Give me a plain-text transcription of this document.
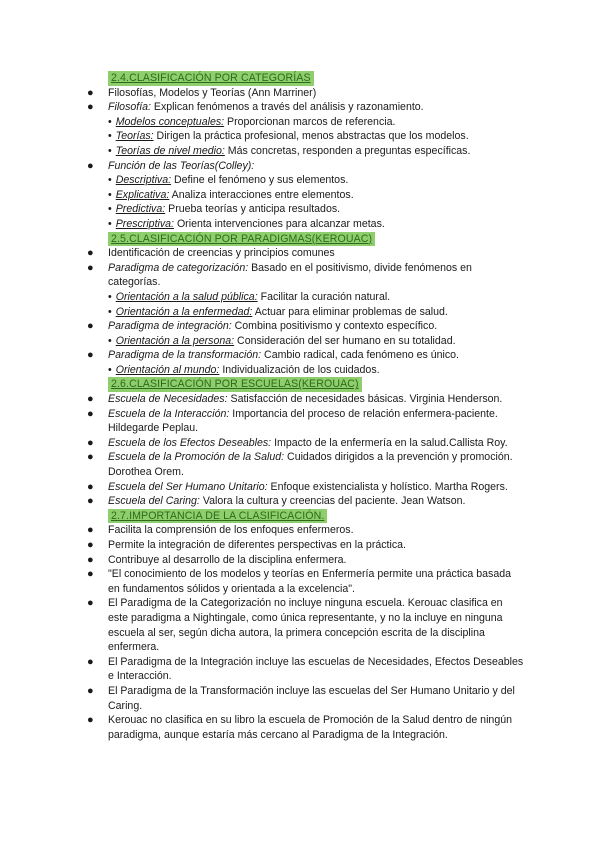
2.4.CLASIFICACIÓN POR CATEGORÍAS
● Filosofías, Modelos y Teorías (Ann Marriner)
● Filosofía: Explican fenómenos a través del análisis y razonamiento.
• Modelos conceptuales: Proporcionan marcos de referencia.
• Teorías: Dirigen la práctica profesional, menos abstractas que los modelos.
• Teorías de nivel medio: Más concretas, responden a preguntas específicas.
● Función de las Teorías(Colley):
• Descriptiva: Define el fenómeno y sus elementos.
• Explicativa: Analiza interacciones entre elementos.
• Predictiva: Prueba teorías y anticipa resultados.
• Prescriptiva: Orienta intervenciones para alcanzar metas.
2.5.CLASIFICACIÓN POR PARADIGMAS(KEROUAC)
● Identificación de creencias y principios comunes
● Paradigma de categorización: Basado en el positivismo, divide fenómenos en categorías.
• Orientación a la salud pública: Facilitar la curación natural.
• Orientación a la enfermedad: Actuar para eliminar problemas de salud.
● Paradigma de integración: Combina positivismo y contexto específico.
• Orientación a la persona: Consideración del ser humano en su totalidad.
● Paradigma de la transformación: Cambio radical, cada fenómeno es único.
• Orientación al mundo: Individualización de los cuidados.
2.6.CLASIFICACIÓN POR ESCUELAS(KEROUAC)
● Escuela de Necesidades: Satisfacción de necesidades básicas. Virginia Henderson.
● Escuela de la Interacción: Importancia del proceso de relación enfermera-paciente. Hildegarde Peplau.
● Escuela de los Efectos Deseables: Impacto de la enfermería en la salud.Callista Roy.
● Escuela de la Promoción de la Salud: Cuidados dirigidos a la prevención y promoción. Dorothea Orem.
● Escuela del Ser Humano Unitario: Enfoque existencialista y holístico. Martha Rogers.
● Escuela del Caring: Valora la cultura y creencias del paciente. Jean Watson.
2.7.IMPORTANCIA DE LA CLASIFICACIÓN.
● Facilita la comprensión de los enfoques enfermeros.
● Permite la integración de diferentes perspectivas en la práctica.
● Contribuye al desarrollo de la disciplina enfermera.
● "El conocimiento de los modelos y teorías en Enfermería permite una práctica basada en fundamentos sólidos y orientada a la excelencia".
● El Paradigma de la Categorización no incluye ninguna escuela. Kerouac clasifica en este paradigma a Nightingale, como única representante, y no la incluye en ninguna escuela al ser, según dicha autora, la primera concepción escrita de la disciplina enfermera.
● El Paradigma de la Integración incluye las escuelas de Necesidades, Efectos Deseables e Interacción.
● El Paradigma de la Transformación incluye las escuelas del Ser Humano Unitario y del Caring.
● Kerouac no clasifica en su libro la escuela de Promoción de la Salud dentro de ningún paradigma, aunque estaría más cercano al Paradigma de la Integración.
